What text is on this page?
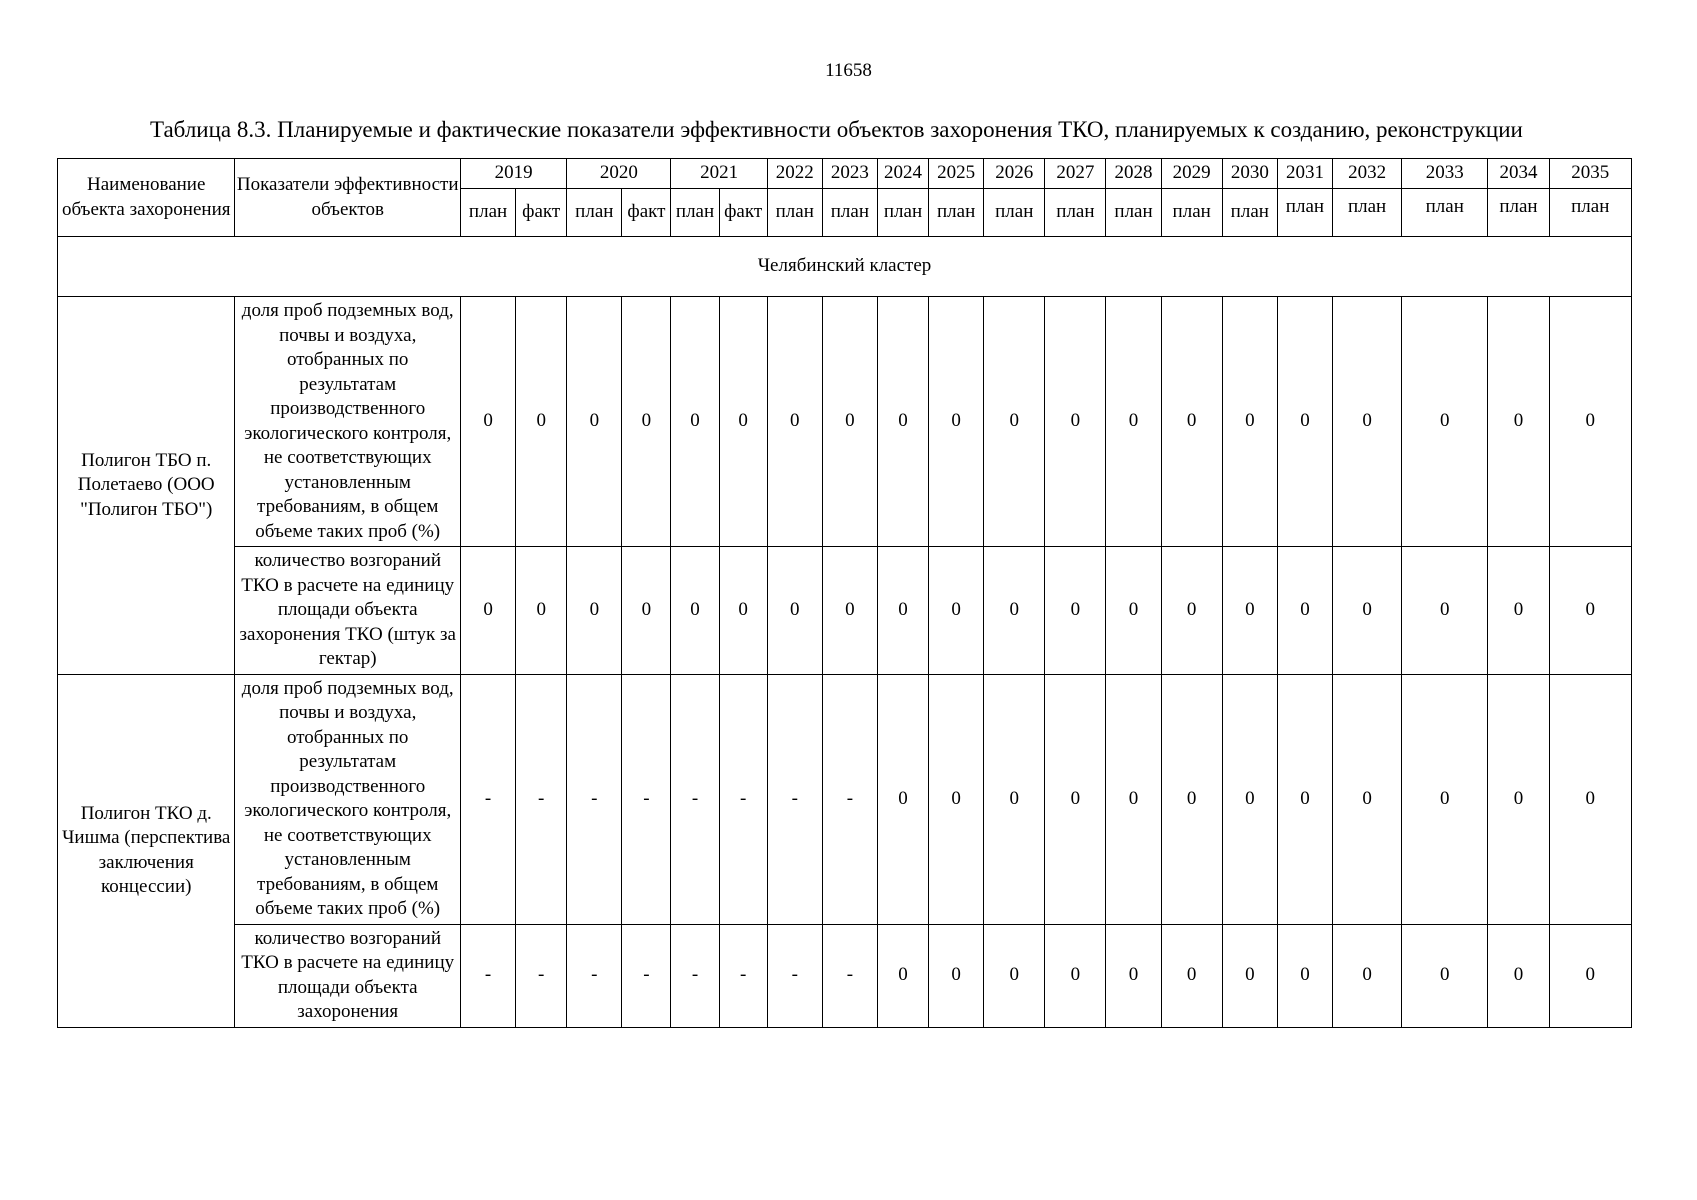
11658
Таблица 8.3. Планируемые и фактические показатели эффективности объектов захоронения ТКО, планируемых к созданию, реконструкции
Наименование объекта захоронения	Показатели эффективности объектов	2019		2020		2021		2022	2023	2024	2025	2026	2027	2028	2029	2030	2031	2032	2033	2034	2035
		план	факт	план	факт	план	факт	план	план	план	план	план	план	план	план	план	план	план	план	план	план
Челябинский кластер																					
Полигон ТБО п. Полетаево (ООО "Полигон ТБО")	доля проб подземных вод, почвы и воздуха, отобранных по результатам производственного экологического контроля, не соответствующих установленным требованиям, в общем объеме таких проб (%)	0	0	0	0	0	0	0	0	0	0	0	0	0	0	0	0	0	0	0	0
	количество возгораний ТКО в расчете на единицу площади объекта захоронения ТКО (штук за гектар)	0	0	0	0	0	0	0	0	0	0	0	0	0	0	0	0	0	0	0	0
Полигон ТКО д. Чишма (перспектива заключения концессии)	доля проб подземных вод, почвы и воздуха, отобранных по результатам производственного экологического контроля, не соответствующих установленным требованиям, в общем объеме таких проб (%)	-	-	-	-	-	-	-	-	0	0	0	0	0	0	0	0	0	0	0	0
	количество возгораний ТКО в расчете на единицу площади объекта захоронения	-	-	-	-	-	-	-	-	0	0	0	0	0	0	0	0	0	0	0	0
